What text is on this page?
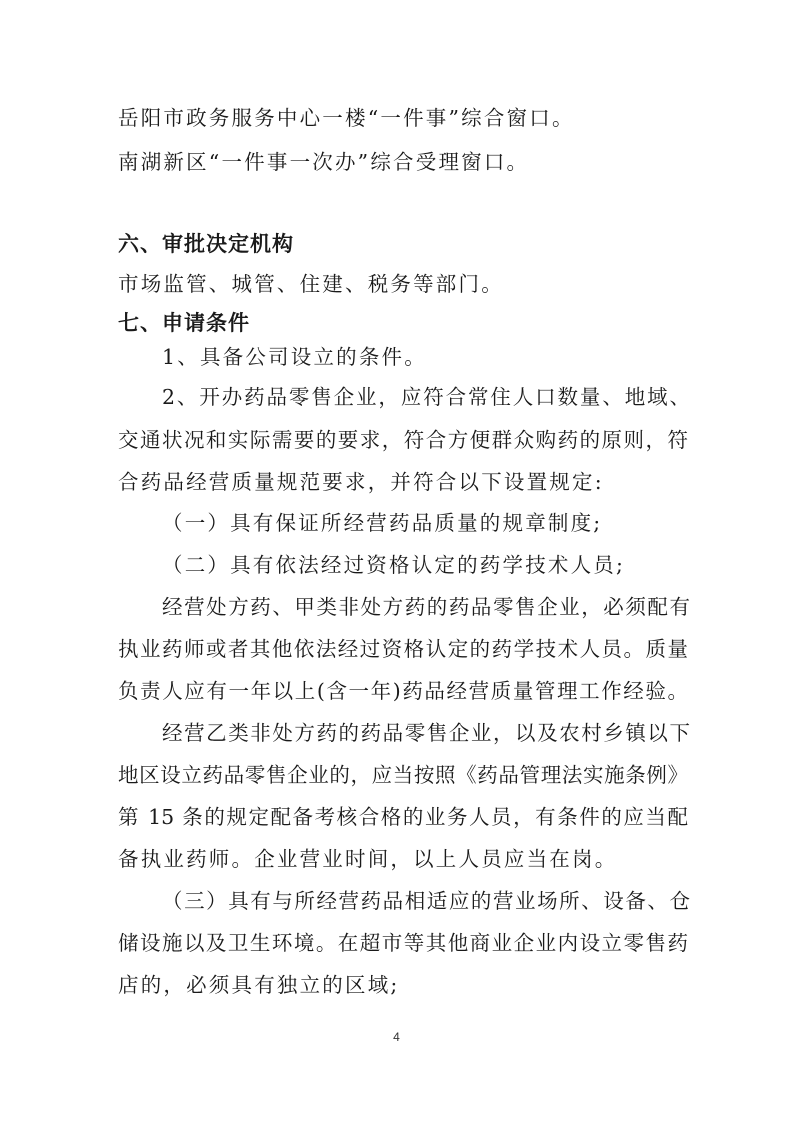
岳阳市政务服务中心一楼“一件事”综合窗口。
南湖新区“一件事一次办”综合受理窗口。
六、审批决定机构
市场监管、城管、住建、税务等部门。
七、申请条件
1、具备公司设立的条件。
2、开办药品零售企业，应符合常住人口数量、地域、
交通状况和实际需要的要求，符合方便群众购药的原则，符
合药品经营质量规范要求，并符合以下设置规定:
（一）具有保证所经营药品质量的规章制度;
（二）具有依法经过资格认定的药学技术人员;
经营处方药、甲类非处方药的药品零售企业，必须配有
执业药师或者其他依法经过资格认定的药学技术人员。质量
负责人应有一年以上(含一年)药品经营质量管理工作经验。
经营乙类非处方药的药品零售企业，以及农村乡镇以下
地区设立药品零售企业的，应当按照《药品管理法实施条例》
第 15 条的规定配备考核合格的业务人员，有条件的应当配
备执业药师。企业营业时间，以上人员应当在岗。
（三）具有与所经营药品相适应的营业场所、设备、仓
储设施以及卫生环境。在超市等其他商业企业内设立零售药
店的，必须具有独立的区域;
4
